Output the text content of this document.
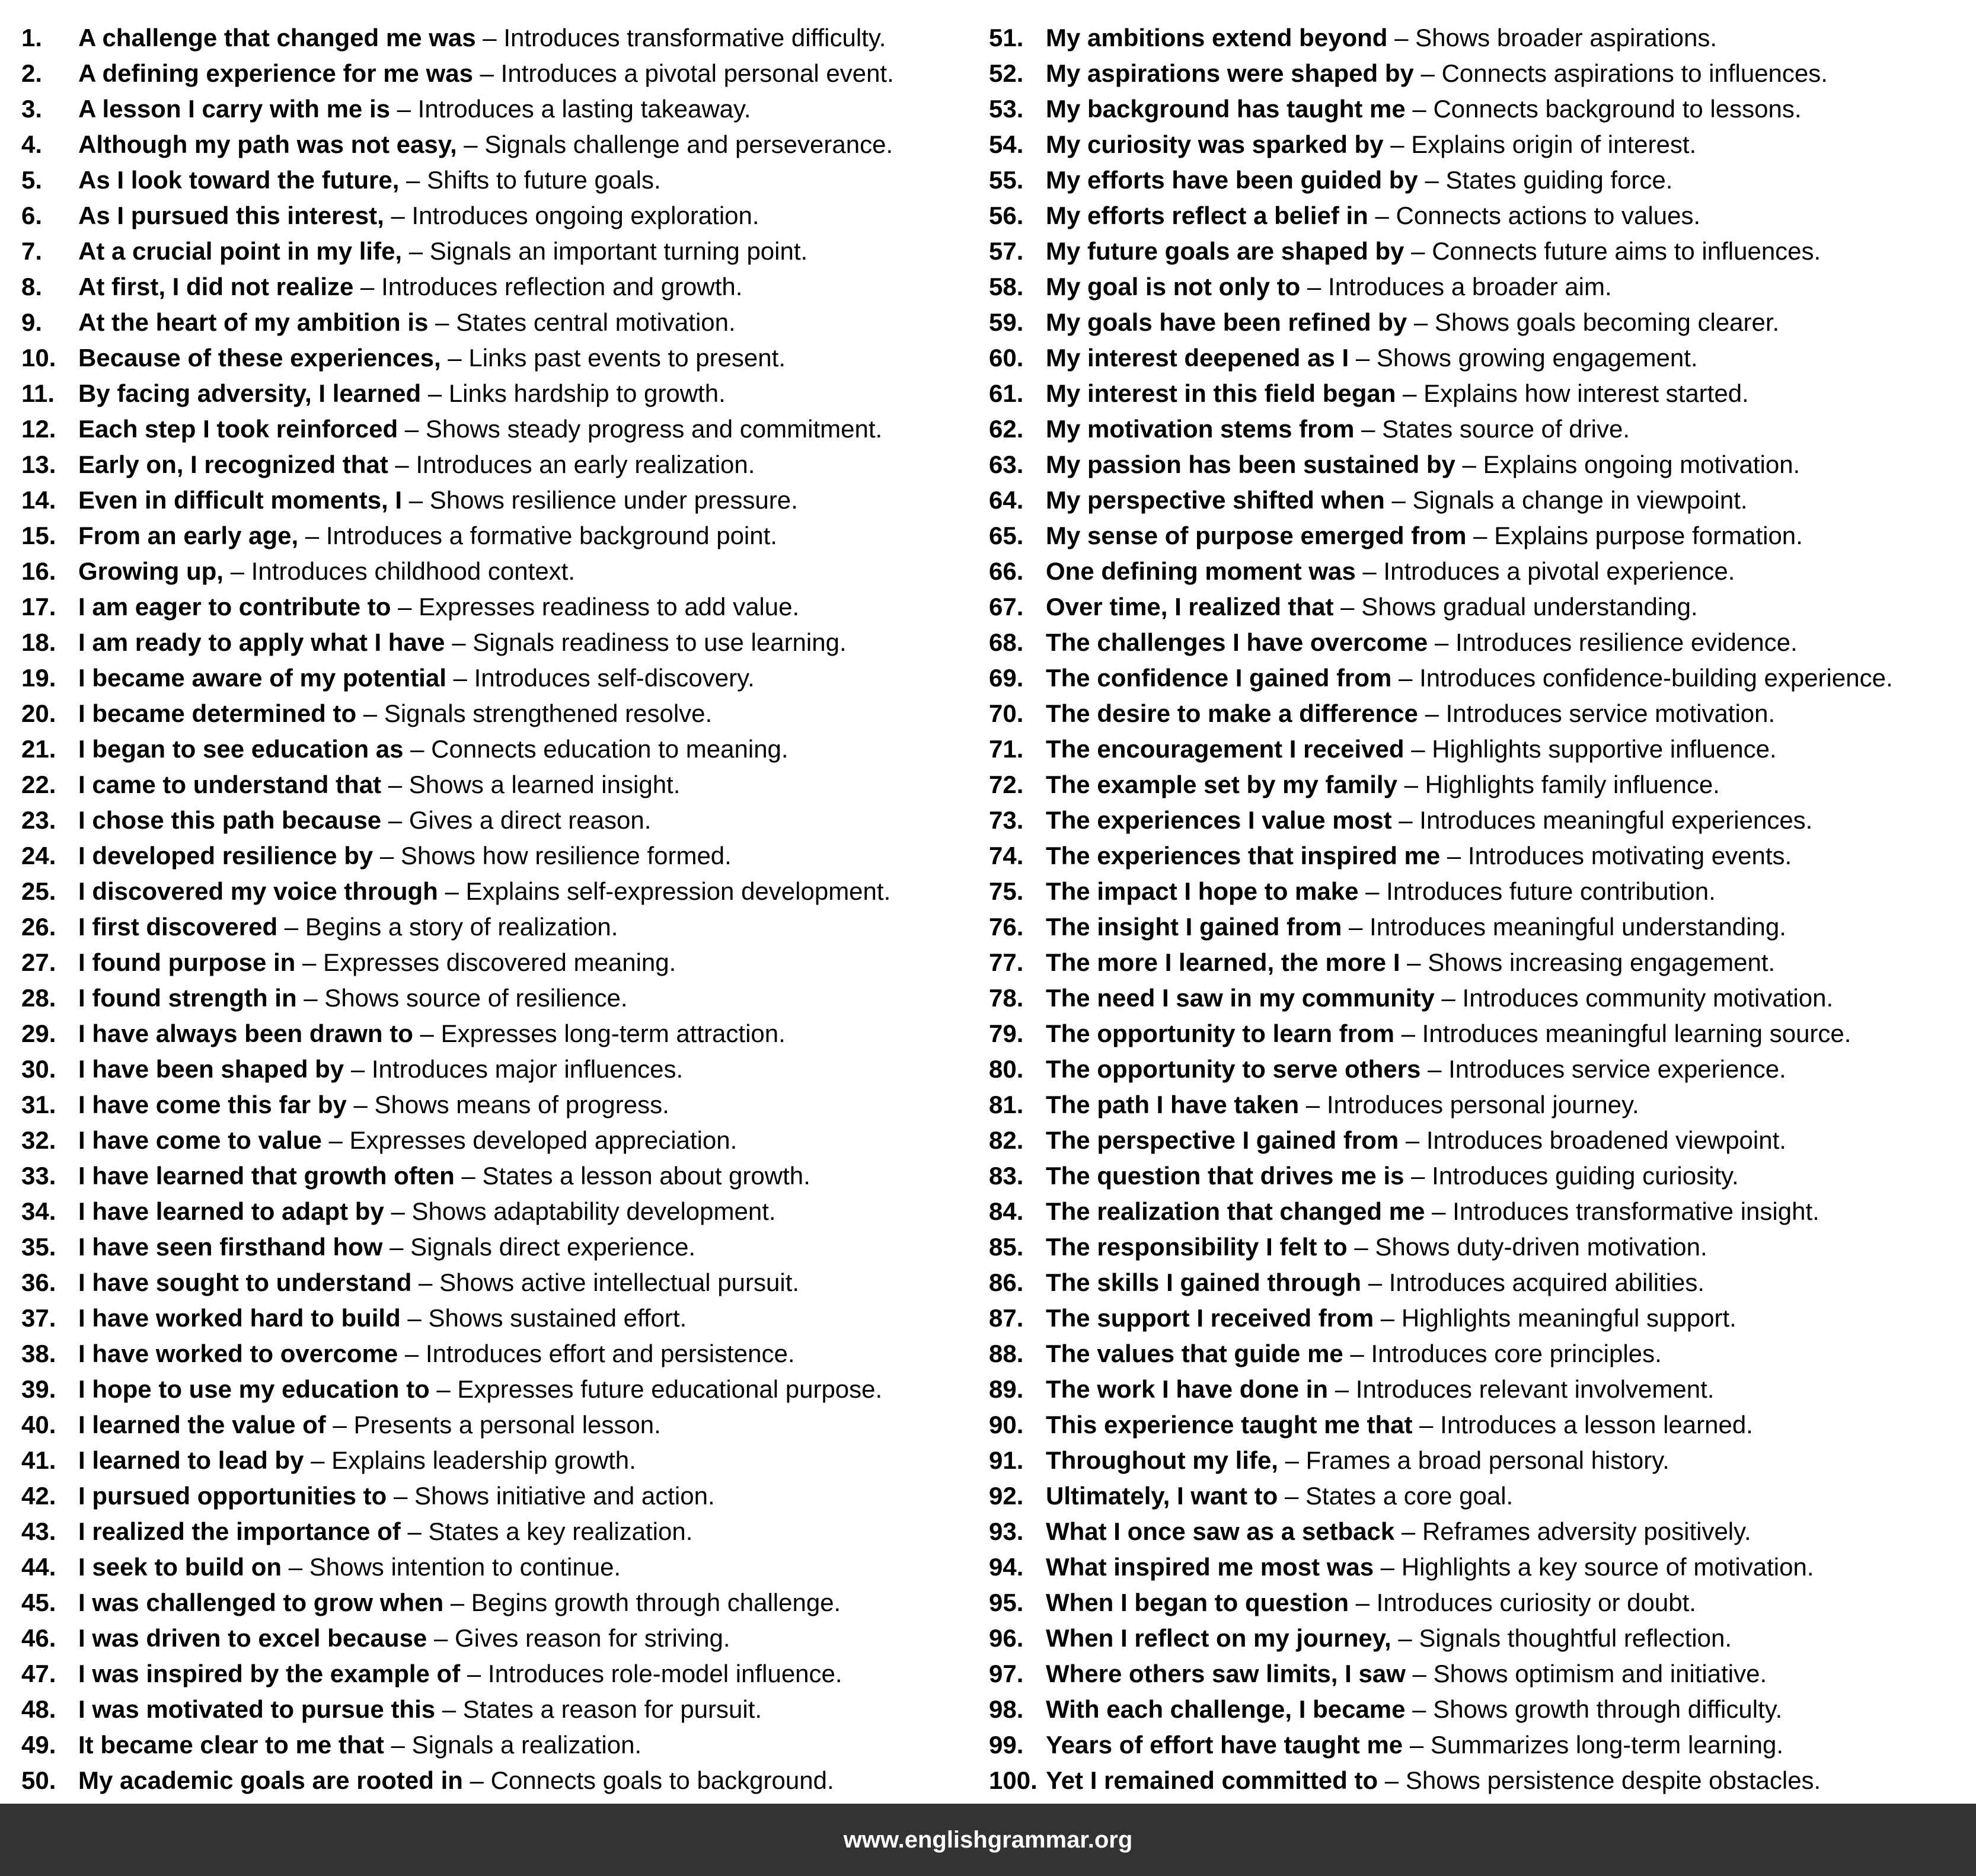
1.	A challenge that changed me was – Introduces transformative difficulty.
2.	A defining experience for me was – Introduces a pivotal personal event.
3.	A lesson I carry with me is – Introduces a lasting takeaway.
4.	Although my path was not easy, – Signals challenge and perseverance.
5.	As I look toward the future, – Shifts to future goals.
6.	As I pursued this interest, – Introduces ongoing exploration.
7.	At a crucial point in my life, – Signals an important turning point.
8.	At first, I did not realize – Introduces reflection and growth.
9.	At the heart of my ambition is – States central motivation.
10. Because of these experiences, – Links past events to present.
11. By facing adversity, I learned – Links hardship to growth.
12. Each step I took reinforced – Shows steady progress and commitment.
13. Early on, I recognized that – Introduces an early realization.
14. Even in difficult moments, I – Shows resilience under pressure.
15. From an early age, – Introduces a formative background point.
16. Growing up, – Introduces childhood context.
17. I am eager to contribute to – Expresses readiness to add value.
18. I am ready to apply what I have – Signals readiness to use learning.
19. I became aware of my potential – Introduces self-discovery.
20. I became determined to – Signals strengthened resolve.
21. I began to see education as – Connects education to meaning.
22. I came to understand that – Shows a learned insight.
23. I chose this path because – Gives a direct reason.
24. I developed resilience by – Shows how resilience formed.
25. I discovered my voice through – Explains self-expression development.
26. I first discovered – Begins a story of realization.
27. I found purpose in – Expresses discovered meaning.
28. I found strength in – Shows source of resilience.
29. I have always been drawn to – Expresses long-term attraction.
30. I have been shaped by – Introduces major influences.
31. I have come this far by – Shows means of progress.
32. I have come to value – Expresses developed appreciation.
33. I have learned that growth often – States a lesson about growth.
34. I have learned to adapt by – Shows adaptability development.
35. I have seen firsthand how – Signals direct experience.
36. I have sought to understand – Shows active intellectual pursuit.
37. I have worked hard to build – Shows sustained effort.
38. I have worked to overcome – Introduces effort and persistence.
39. I hope to use my education to – Expresses future educational purpose.
40. I learned the value of – Presents a personal lesson.
41. I learned to lead by – Explains leadership growth.
42. I pursued opportunities to – Shows initiative and action.
43. I realized the importance of – States a key realization.
44. I seek to build on – Shows intention to continue.
45. I was challenged to grow when – Begins growth through challenge.
46. I was driven to excel because – Gives reason for striving.
47. I was inspired by the example of – Introduces role-model influence.
48. I was motivated to pursue this – States a reason for pursuit.
49. It became clear to me that – Signals a realization.
50. My academic goals are rooted in – Connects goals to background.
51. My ambitions extend beyond – Shows broader aspirations.
52. My aspirations were shaped by – Connects aspirations to influences.
53. My background has taught me – Connects background to lessons.
54. My curiosity was sparked by – Explains origin of interest.
55. My efforts have been guided by – States guiding force.
56. My efforts reflect a belief in – Connects actions to values.
57. My future goals are shaped by – Connects future aims to influences.
58. My goal is not only to – Introduces a broader aim.
59. My goals have been refined by – Shows goals becoming clearer.
60. My interest deepened as I – Shows growing engagement.
61. My interest in this field began – Explains how interest started.
62. My motivation stems from – States source of drive.
63. My passion has been sustained by – Explains ongoing motivation.
64. My perspective shifted when – Signals a change in viewpoint.
65. My sense of purpose emerged from – Explains purpose formation.
66. One defining moment was – Introduces a pivotal experience.
67. Over time, I realized that – Shows gradual understanding.
68. The challenges I have overcome – Introduces resilience evidence.
69. The confidence I gained from – Introduces confidence-building experience.
70. The desire to make a difference – Introduces service motivation.
71. The encouragement I received – Highlights supportive influence.
72. The example set by my family – Highlights family influence.
73. The experiences I value most – Introduces meaningful experiences.
74. The experiences that inspired me – Introduces motivating events.
75. The impact I hope to make – Introduces future contribution.
76. The insight I gained from – Introduces meaningful understanding.
77. The more I learned, the more I – Shows increasing engagement.
78. The need I saw in my community – Introduces community motivation.
79. The opportunity to learn from – Introduces meaningful learning source.
80. The opportunity to serve others – Introduces service experience.
81. The path I have taken – Introduces personal journey.
82. The perspective I gained from – Introduces broadened viewpoint.
83. The question that drives me is – Introduces guiding curiosity.
84. The realization that changed me – Introduces transformative insight.
85. The responsibility I felt to – Shows duty-driven motivation.
86. The skills I gained through – Introduces acquired abilities.
87. The support I received from – Highlights meaningful support.
88. The values that guide me – Introduces core principles.
89. The work I have done in – Introduces relevant involvement.
90. This experience taught me that – Introduces a lesson learned.
91. Throughout my life, – Frames a broad personal history.
92. Ultimately, I want to – States a core goal.
93. What I once saw as a setback – Reframes adversity positively.
94. What inspired me most was – Highlights a key source of motivation.
95. When I began to question – Introduces curiosity or doubt.
96. When I reflect on my journey, – Signals thoughtful reflection.
97. Where others saw limits, I saw – Shows optimism and initiative.
98. With each challenge, I became – Shows growth through difficulty.
99. Years of effort have taught me – Summarizes long-term learning.
100. Yet I remained committed to – Shows persistence despite obstacles.
www.englishgrammar.org
